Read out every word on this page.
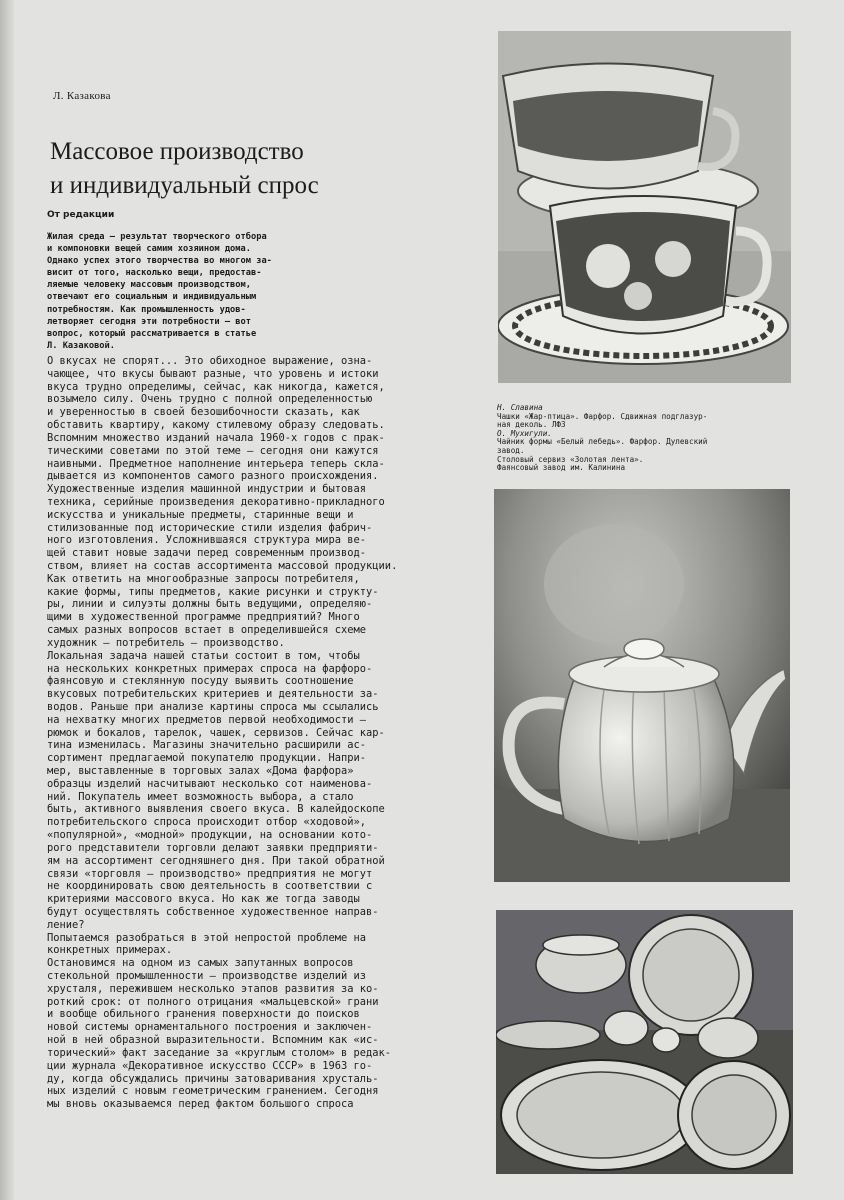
Л. Казакова
Массовое производство
и индивидуальный спрос
От редакции
Жилая среда — результат творческого отбора
и компоновки вещей самим хозяином дома.
Однако успех этого творчества во многом за-
висит от того, насколько вещи, предостав-
ляемые человеку массовым производством,
отвечают его социальным и индивидуальным
потребностям. Как промышленность удов-
летворяет сегодня эти потребности — вот
вопрос, который рассматривается в статье
Л. Казаковой.
О вкусах не спорят... Это обиходное выражение, озна-
чающее, что вкусы бывают разные, что уровень и истоки
вкуса трудно определимы, сейчас, как никогда, кажется,
возымело силу. Очень трудно с полной определенностью
и уверенностью в своей безошибочности сказать, как
обставить квартиру, какому стилевому образу следовать.
Вспомним множество изданий начала 1960-х годов с прак-
тическими советами по этой теме — сегодня они кажутся
наивными. Предметное наполнение интерьера теперь скла-
дывается из компонентов самого разного происхождения.
Художественные изделия машинной индустрии и бытовая
техника, серийные произведения декоративно-прикладного
искусства и уникальные предметы, старинные вещи и
стилизованные под исторические стили изделия фабрич-
ного изготовления. Усложнившаяся структура мира ве-
щей ставит новые задачи перед современным производ-
ством, влияет на состав ассортимента массовой продукции.
Как ответить на многообразные запросы потребителя,
какие формы, типы предметов, какие рисунки и структу-
ры, линии и силуэты должны быть ведущими, определяю-
щими в художественной программе предприятий? Много
самых разных вопросов встает в определившейся схеме
художник — потребитель — производство.
Локальная задача нашей статьи состоит в том, чтобы
на нескольких конкретных примерах спроса на фарфоро-
фаянсовую и стеклянную посуду выявить соотношение
вкусовых потребительских критериев и деятельности за-
водов. Раньше при анализе картины спроса мы ссылались
на нехватку многих предметов первой необходимости —
рюмок и бокалов, тарелок, чашек, сервизов. Сейчас кар-
тина изменилась. Магазины значительно расширили ас-
сортимент предлагаемой покупателю продукции. Напри-
мер, выставленные в торговых залах «Дома фарфора»
образцы изделий насчитывают несколько сот наименова-
ний. Покупатель имеет возможность выбора, а стало
быть, активного выявления своего вкуса. В калейдоскопе
потребительского спроса происходит отбор «ходовой»,
«популярной», «модной» продукции, на основании кото-
рого представители торговли делают заявки предприяти-
ям на ассортимент сегодняшнего дня. При такой обратной
связи «торговля — производство» предприятия не могут
не координировать свою деятельность в соответствии с
критериями массового вкуса. Но как же тогда заводы
будут осуществлять собственное художественное направ-
ление?
Попытаемся разобраться в этой непростой проблеме на
конкретных примерах.
Остановимся на одном из самых запутанных вопросов
стекольной промышленности — производстве изделий из
хрусталя, пережившем несколько этапов развития за ко-
роткий срок: от полного отрицания «мальцевской» грани
и вообще обильного гранения поверхности до поисков
новой системы орнаментального построения и заключен-
ной в ней образной выразительности. Вспомним как «ис-
торический» факт заседание за «круглым столом» в редак-
ции журнала «Декоративное искусство СССР» в 1963 го-
ду, когда обсуждались причины затоваривания хрусталь-
ных изделий с новым геометрическим гранением. Сегодня
мы вновь оказываемся перед фактом большого спроса
Н. Славина
Чашки «Жар-птица». Фарфор. Сдвижная подглазур-
ная деколь. ЛФЗ
О. Мухигули.
Чайник формы «Белый лебедь». Фарфор. Дулевский
завод.
Столовый сервиз «Золотая лента».
Фаянсовый завод им. Калинина
